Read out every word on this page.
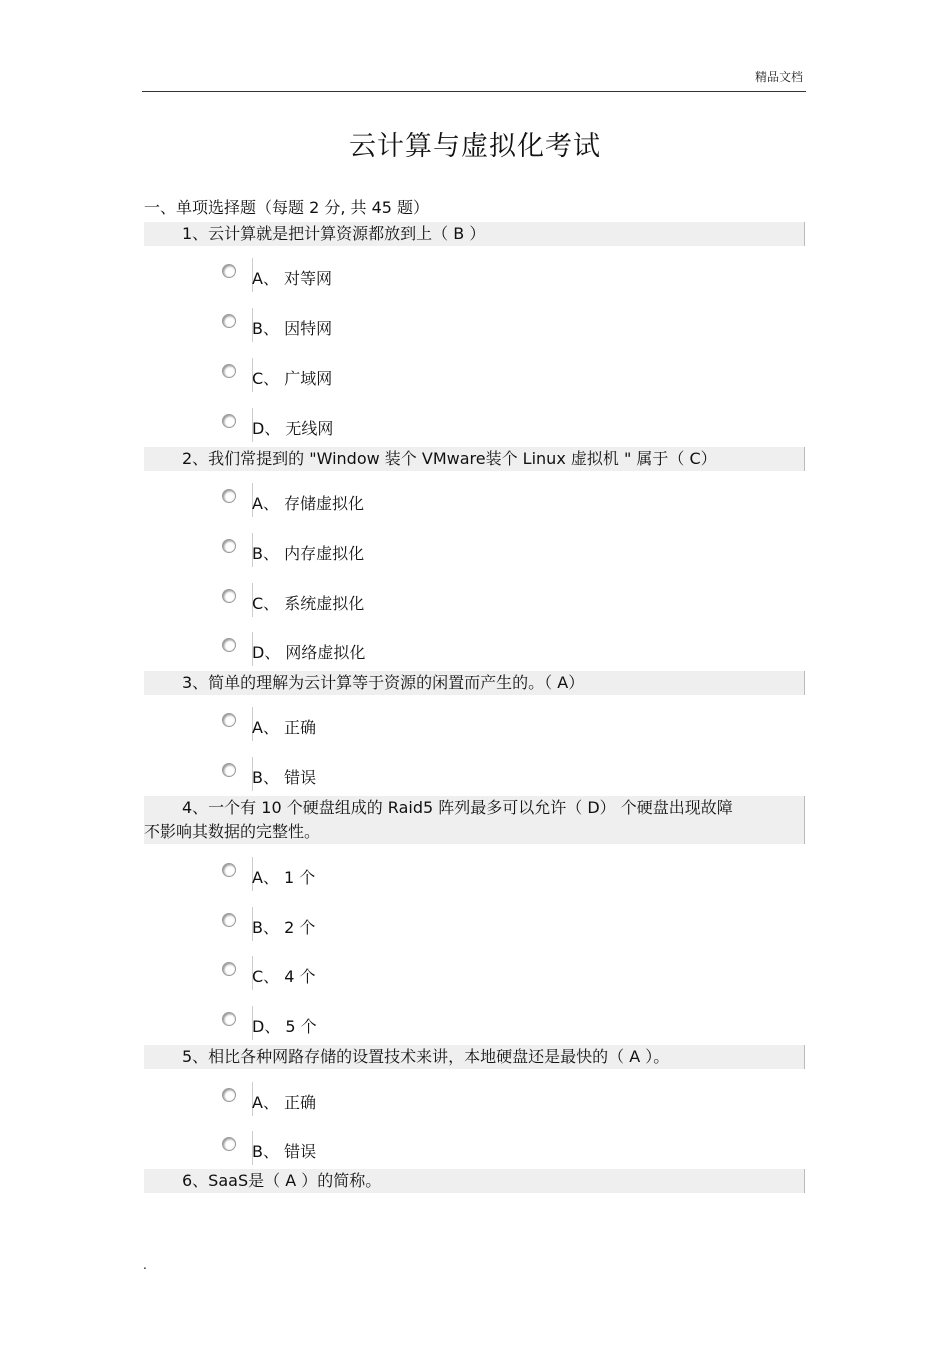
精品文档
云计算与虚拟化考试
一、单项选择题（每题 2 分, 共 45 题）
1、云计算就是把计算资源都放到上（ B ）
A、 对等网
B、 因特网
C、 广域网
D、 无线网
2、我们常提到的 "Window 装个 VMware装个 Linux 虚拟机 " 属于（ C）
A、 存储虚拟化
B、 内存虚拟化
C、 系统虚拟化
D、 网络虚拟化
3、简单的理解为云计算等于资源的闲置而产生的。（ A）
A、 正确
B、 错误
4、一个有 10 个硬盘组成的 Raid5 阵列最多可以允许（ D） 个硬盘出现故障
不影响其数据的完整性。
A、 1 个
B、 2 个
C、 4 个
D、 5 个
5、相比各种网路存储的设置技术来讲，本地硬盘还是最快的（ A ）。
A、 正确
B、 错误
6、SaaS是（ A ）的简称。
.
